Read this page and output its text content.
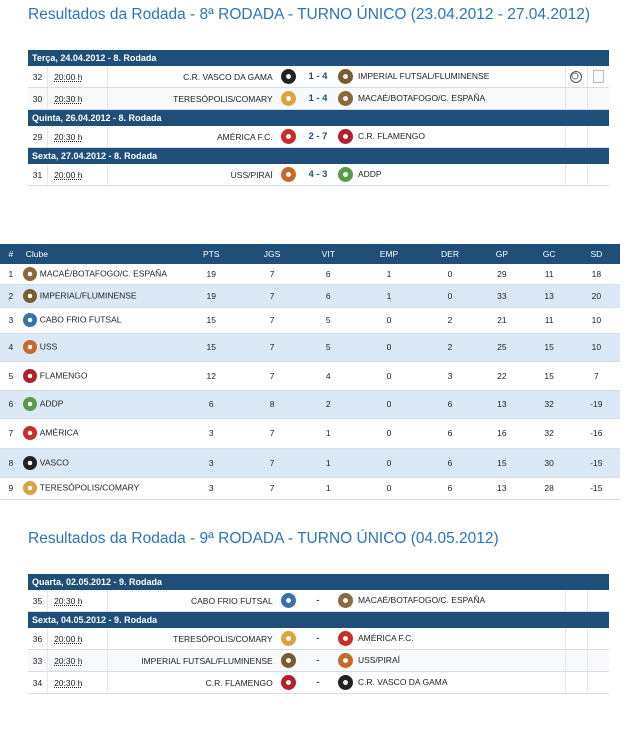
Resultados da Rodada - 8ª RODADA - TURNO ÚNICO (23.04.2012 - 27.04.2012)
Terça, 24.04.2012 - 8. Rodada							
32	20:00 h	C.R. VASCO DA GAMA		1 - 4	IMPERIAL FUTSAL/FLUMINENSE		
30	20:30 h	TERESÓPOLIS/COMARY		1 - 4	MACAÉ/BOTAFOGO/C. ESPAÑA		
Quinta, 26.04.2012 - 8. Rodada							
29	20:30 h	AMÉRICA F.C.		2 - 7	C.R. FLAMENGO		
Sexta, 27.04.2012 - 8. Rodada							
31	20:00 h	USS/PIRAÍ		4 - 3	ADDP		
#	Clube	PTS	JGS	VIT	EMP	DER	GP	GC	SD
1	MACAÉ/BOTAFOGO/C. ESPAÑA	19	7	6	1	0	29	11	18
2	IMPERIAL/FLUMINENSE	19	7	6	1	0	33	13	20
3	CABO FRIO FUTSAL	15	7	5	0	2	21	11	10
4	USS	15	7	5	0	2	25	15	10
5	FLAMENGO	12	7	4	0	3	22	15	7
6	ADDP	6	8	2	0	6	13	32	-19
7	AMÉRICA	3	7	1	0	6	16	32	-16
8	VASCO	3	7	1	0	6	15	30	-15
9	TERESÓPOLIS/COMARY	3	7	1	0	6	13	28	-15
Resultados da Rodada - 9ª RODADA - TURNO ÚNICO (04.05.2012)
Quarta, 02.05.2012 - 9. Rodada							
35	20:30 h	CABO FRIO FUTSAL		-	MACAÉ/BOTAFOGO/C. ESPAÑA		
Sexta, 04.05.2012 - 9. Rodada							
36	20:00 h	TERESÓPOLIS/COMARY		-	AMÉRICA F.C.		
33	20:30 h	IMPERIAL FUTSAL/FLUMINENSE		-	USS/PIRAÍ		
34	20:30 h	C.R. FLAMENGO		-	C.R. VASCO DA GAMA		
